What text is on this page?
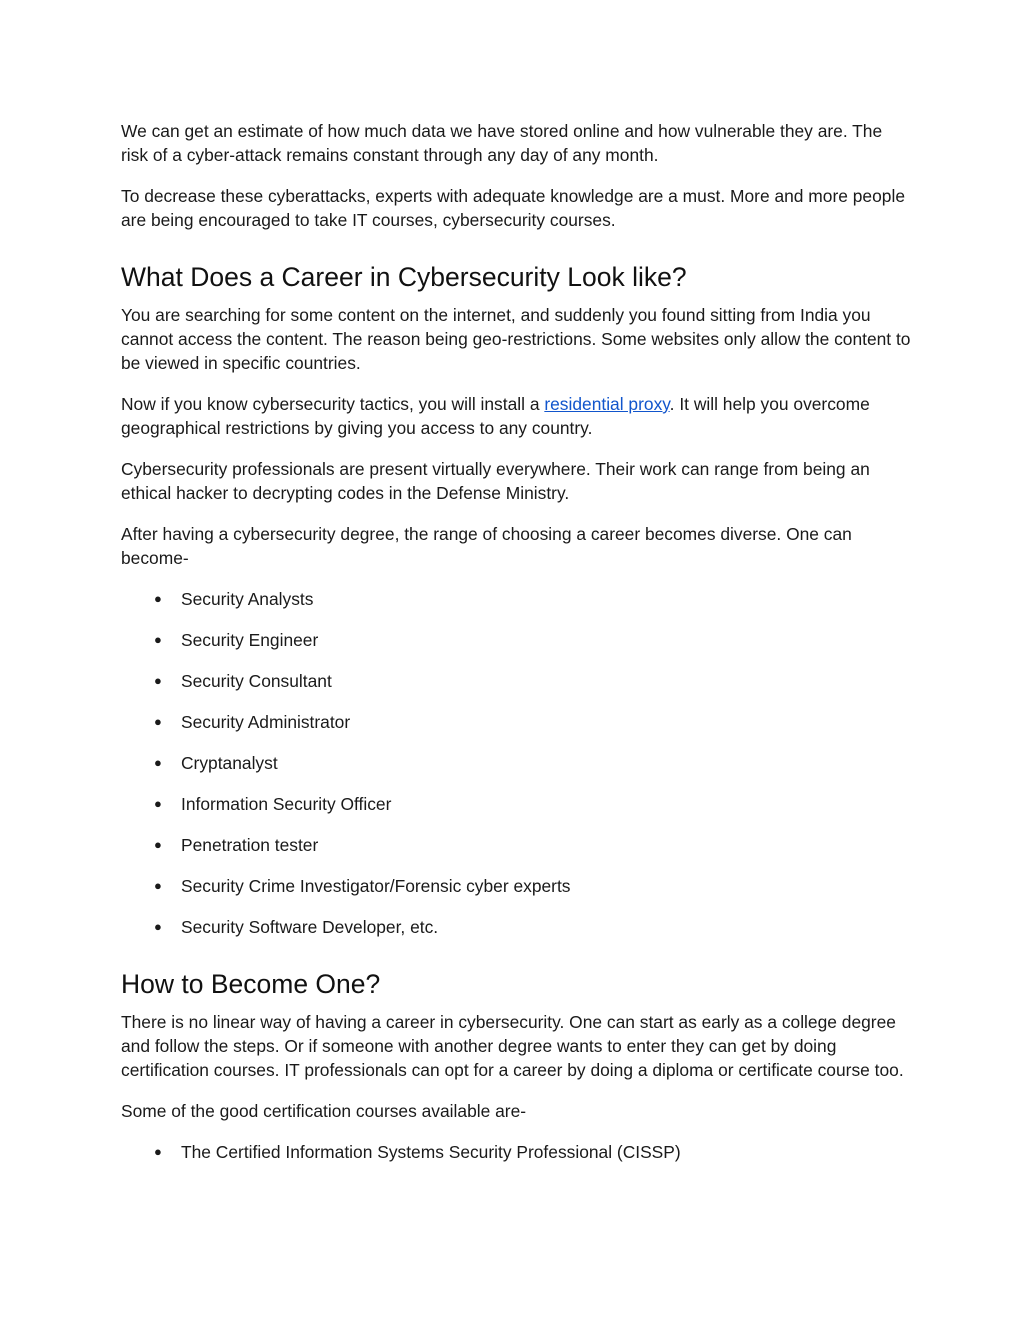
We can get an estimate of how much data we have stored online and how vulnerable they are. The risk of a cyber-attack remains constant through any day of any month.

To decrease these cyberattacks, experts with adequate knowledge are a must. More and more people are being encouraged to take IT courses, cybersecurity courses.

What Does a Career in Cybersecurity Look like?

You are searching for some content on the internet, and suddenly you found sitting from India you cannot access the content. The reason being geo-restrictions. Some websites only allow the content to be viewed in specific countries.

Now if you know cybersecurity tactics, you will install a residential proxy. It will help you overcome geographical restrictions by giving you access to any country.

Cybersecurity professionals are present virtually everywhere. Their work can range from being an ethical hacker to decrypting codes in the Defense Ministry.

After having a cybersecurity degree, the range of choosing a career becomes diverse. One can become-

● Security Analysts
● Security Engineer
● Security Consultant
● Security Administrator
● Cryptanalyst
● Information Security Officer
● Penetration tester
● Security Crime Investigator/Forensic cyber experts
● Security Software Developer, etc.
How to Become One?

There is no linear way of having a career in cybersecurity. One can start as early as a college degree and follow the steps. Or if someone with another degree wants to enter they can get by doing certification courses. IT professionals can opt for a career by doing a diploma or certificate course too.

Some of the good certification courses available are-

● The Certified Information Systems Security Professional (CISSP)
